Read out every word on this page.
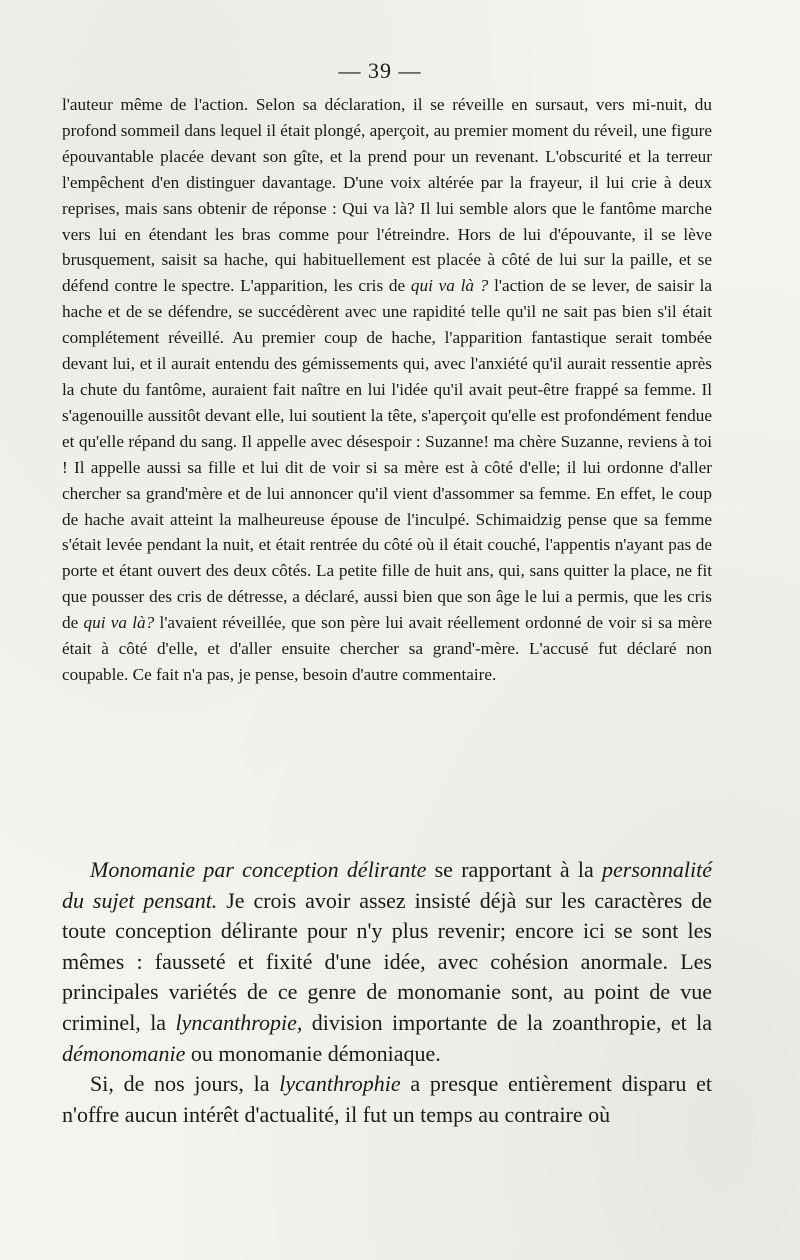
— 39 —

l'auteur même de l'action. Selon sa déclaration, il se réveille en sursaut, vers mi-nuit, du profond sommeil dans lequel il était plongé, aperçoit, au premier moment du réveil, une figure épouvantable placée devant son gîte, et la prend pour un revenant. L'obscurité et la terreur l'empêchent d'en distinguer davantage. D'une voix altérée par la frayeur, il lui crie à deux reprises, mais sans obtenir de réponse : Qui va là? Il lui semble alors que le fantôme marche vers lui en étendant les bras comme pour l'étreindre. Hors de lui d'épouvante, il se lève brusquement, saisit sa hache, qui habituellement est placée à côté de lui sur la paille, et se défend contre le spectre. L'apparition, les cris de qui va là ? l'action de se lever, de saisir la hache et de se défendre, se succédèrent avec une rapidité telle qu'il ne sait pas bien s'il était complétement réveillé. Au premier coup de hache, l'apparition fantastique serait tombée devant lui, et il aurait entendu des gémissements qui, avec l'anxiété qu'il aurait ressentie après la chute du fantôme, auraient fait naître en lui l'idée qu'il avait peut-être frappé sa femme. Il s'agenouille aussitôt devant elle, lui soutient la tête, s'aperçoit qu'elle est profondément fendue et qu'elle répand du sang. Il appelle avec désespoir : Suzanne! ma chère Suzanne, reviens à toi ! Il appelle aussi sa fille et lui dit de voir si sa mère est à côté d'elle; il lui ordonne d'aller chercher sa grand'mère et de lui annoncer qu'il vient d'assommer sa femme. En effet, le coup de hache avait atteint la malheureuse épouse de l'inculpé. Schimaidzig pense que sa femme s'était levée pendant la nuit, et était rentrée du côté où il était couché, l'appentis n'ayant pas de porte et étant ouvert des deux côtés. La petite fille de huit ans, qui, sans quitter la place, ne fit que pousser des cris de détresse, a déclaré, aussi bien que son âge le lui a permis, que les cris de qui va là? l'avaient réveillée, que son père lui avait réellement ordonné de voir si sa mère était à côté d'elle, et d'aller ensuite chercher sa grand'-mère. L'accusé fut déclaré non coupable. Ce fait n'a pas, je pense, besoin d'autre commentaire.

Monomanie par conception délirante se rapportant à la personnalité du sujet pensant. Je crois avoir assez insisté déjà sur les caractères de toute conception délirante pour n'y plus revenir; encore ici se sont les mêmes : fausseté et fixité d'une idée, avec cohésion anormale. Les principales variétés de ce genre de monomanie sont, au point de vue criminel, la lyncanthropie, division importante de la zoanthropie, et la démonomanie ou monomanie démoniaque.

Si, de nos jours, la lycanthrophie a presque entièrement disparu et n'offre aucun intérêt d'actualité, il fut un temps au contraire où
